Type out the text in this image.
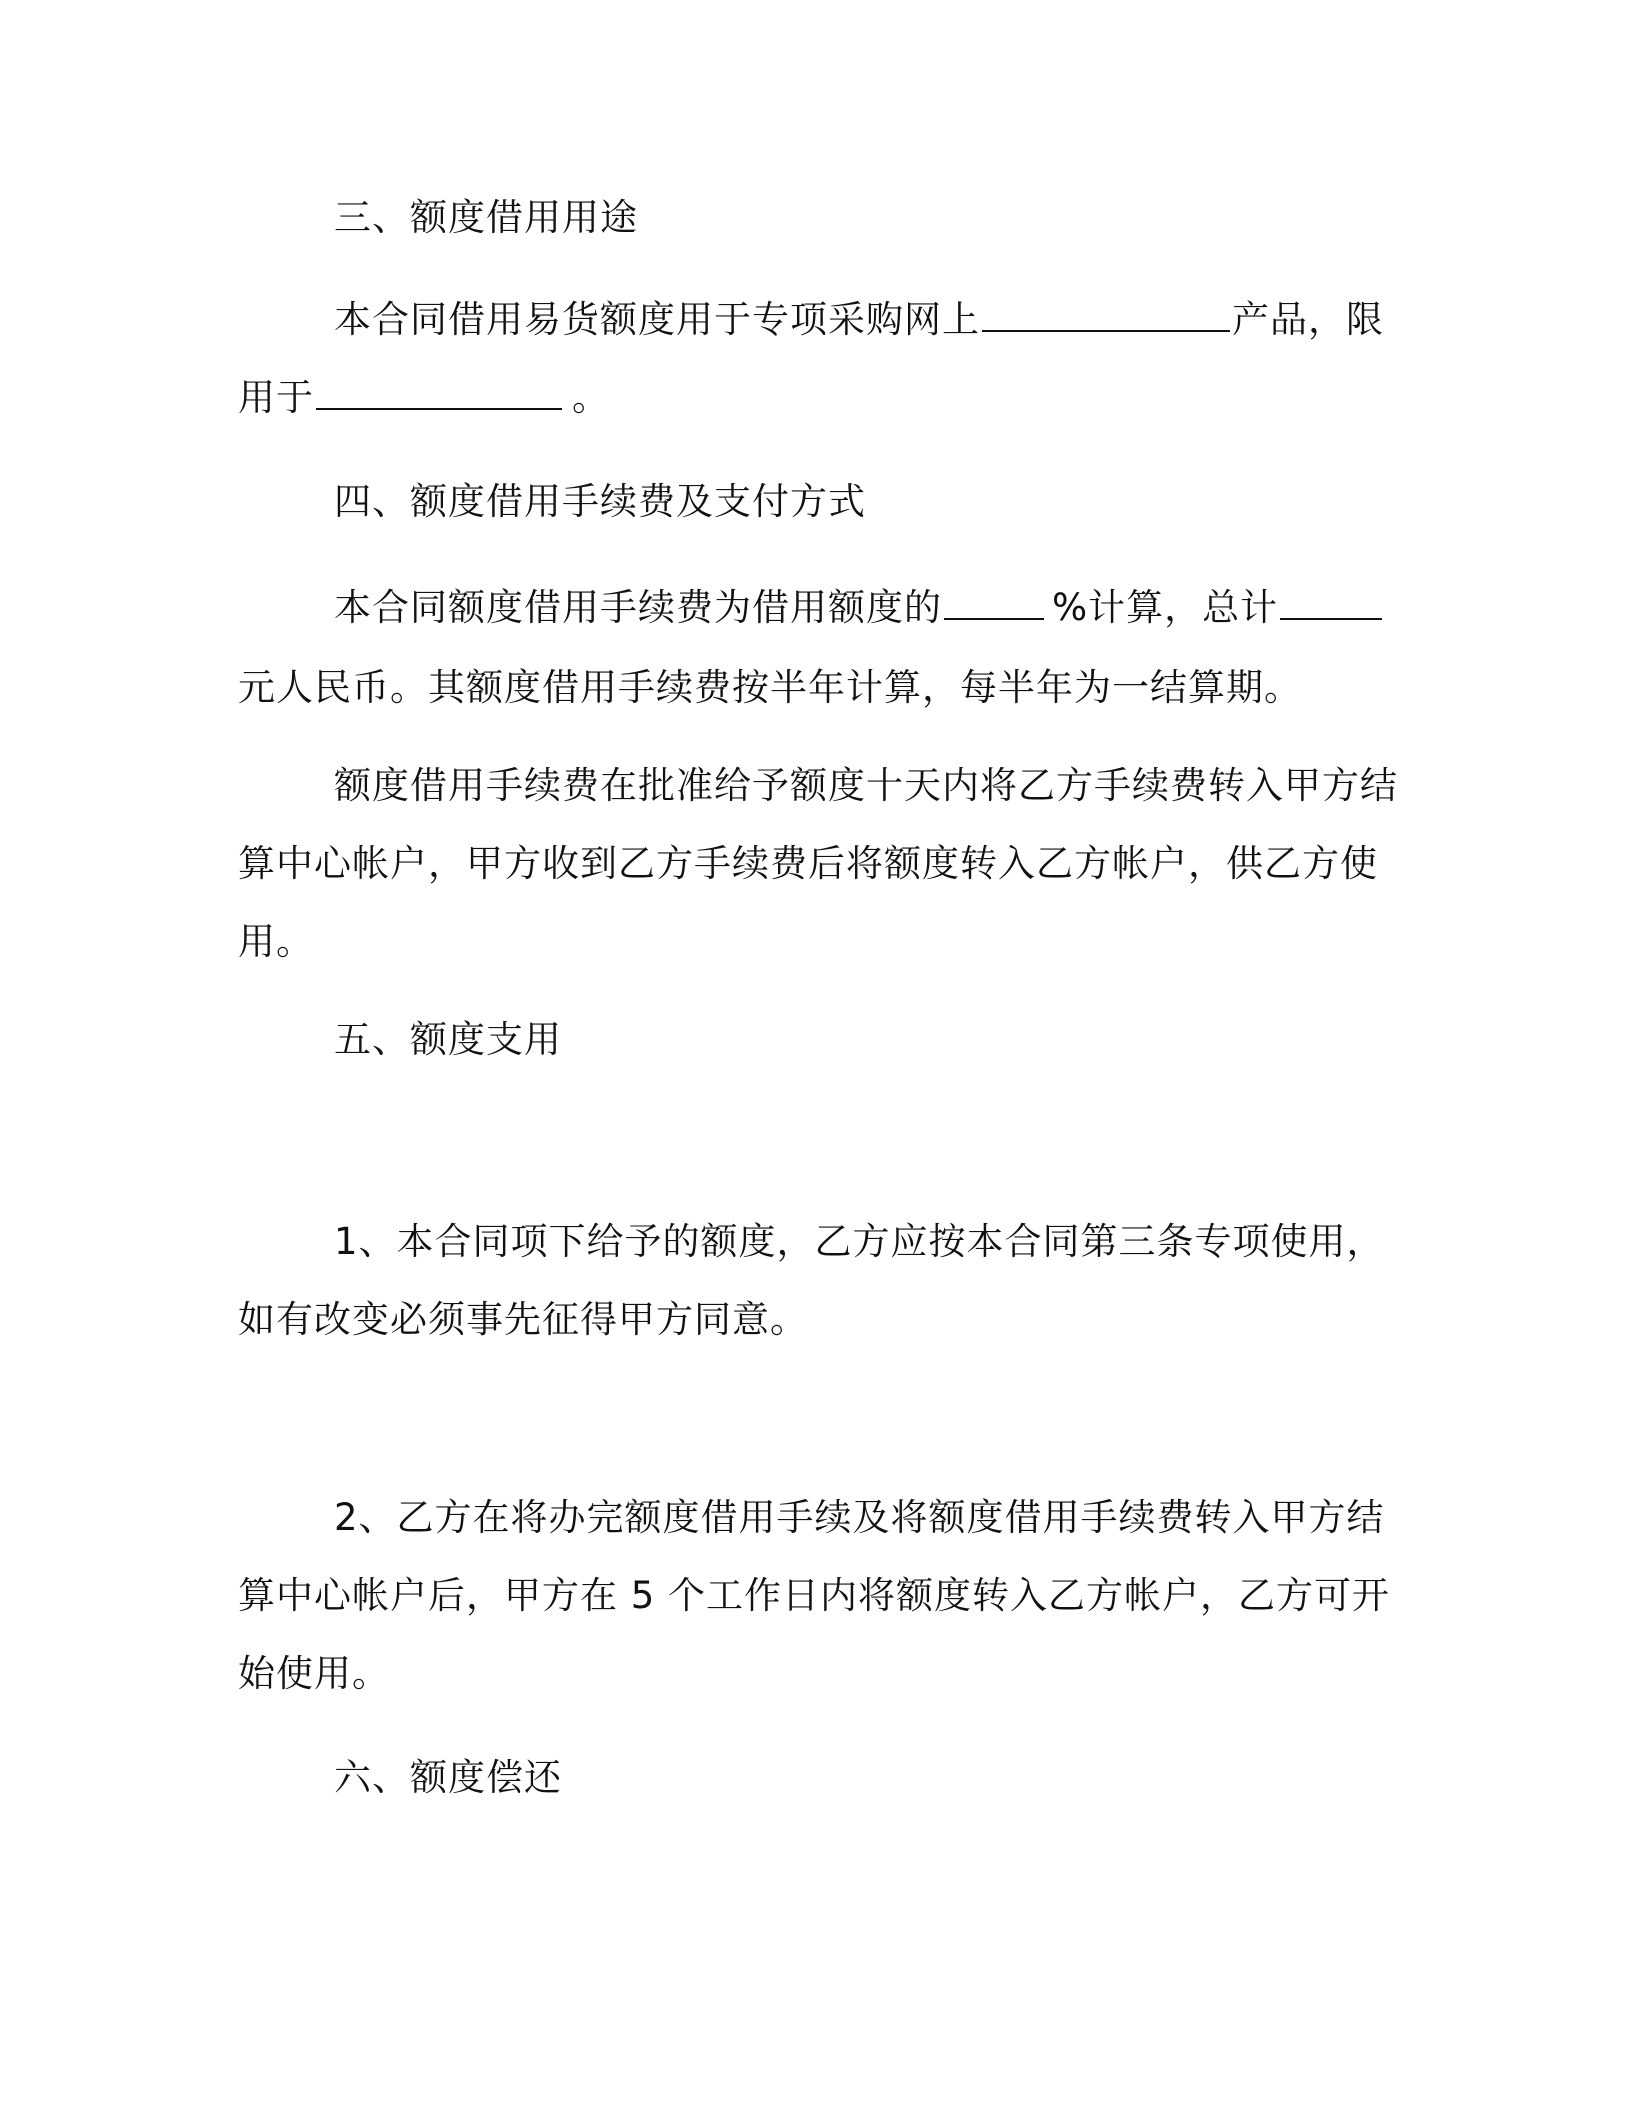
三、额度借用用途
本合同借用易货额度用于专项采购网上	产品，限
用于	。
四、额度借用手续费及支付方式
本合同额度借用手续费为借用额度的	%计算，总计
元人民币。其额度借用手续费按半年计算，每半年为一结算期。
额度借用手续费在批准给予额度十天内将乙方手续费转入甲方结
算中心帐户，甲方收到乙方手续费后将额度转入乙方帐户，供乙方使
用。
五、额度支用
1、本合同项下给予的额度，乙方应按本合同第三条专项使用，
如有改变必须事先征得甲方同意。
2、乙方在将办完额度借用手续及将额度借用手续费转入甲方结
算中心帐户后，甲方在 5 个工作日内将额度转入乙方帐户，乙方可开
始使用。
六、额度偿还
